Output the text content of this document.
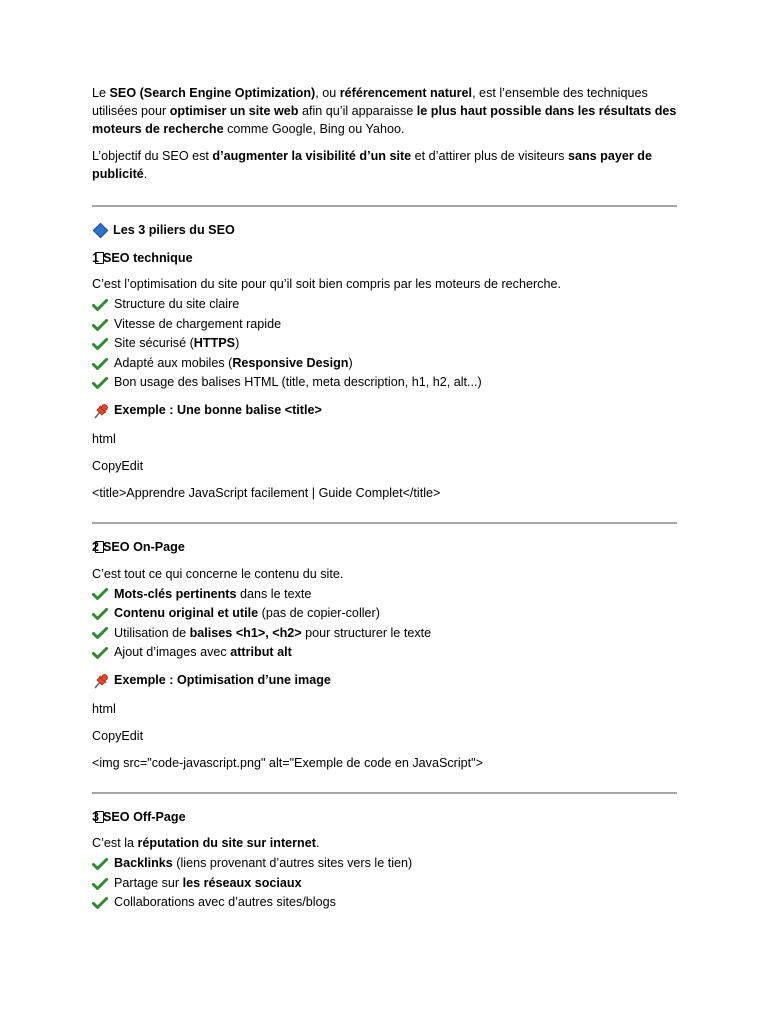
Le SEO (Search Engine Optimization), ou référencement naturel, est l’ensemble des techniques utilisées pour optimiser un site web afin qu’il apparaisse le plus haut possible dans les résultats des moteurs de recherche comme Google, Bing ou Yahoo.

L’objectif du SEO est d’augmenter la visibilité d’un site et d’attirer plus de visiteurs sans payer de publicité.

Les 3 piliers du SEO
1 SEO technique

C’est l’optimisation du site pour qu’il soit bien compris par les moteurs de recherche.

Structure du site claire
Vitesse de chargement rapide
Site sécurisé (HTTPS)
Adapté aux mobiles (Responsive Design)
Bon usage des balises HTML (title, meta description, h1, h2, alt...)
Exemple : Une bonne balise <title>

html

CopyEdit

<title>Apprendre JavaScript facilement | Guide Complet</title>

2 SEO On-Page

C’est tout ce qui concerne le contenu du site.

Mots-clés pertinents dans le texte
Contenu original et utile (pas de copier-coller)
Utilisation de balises <h1>, <h2> pour structurer le texte
Ajout d’images avec attribut alt
Exemple : Optimisation d’une image

html

CopyEdit

<img src="code-javascript.png" alt="Exemple de code en JavaScript">

3 SEO Off-Page

C’est la réputation du site sur internet.

Backlinks (liens provenant d’autres sites vers le tien)
Partage sur les réseaux sociaux
Collaborations avec d’autres sites/blogs
